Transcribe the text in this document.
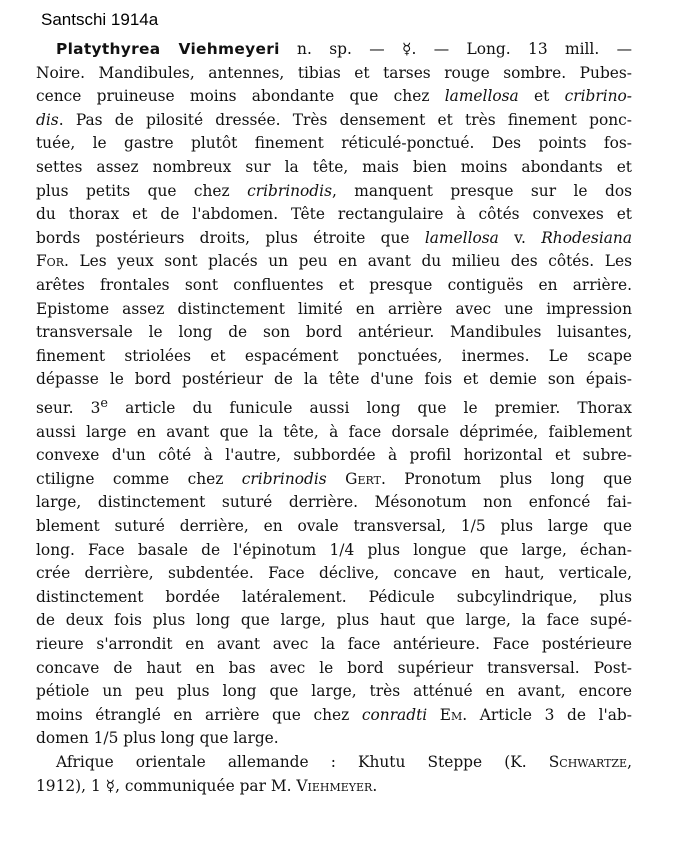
Santschi 1914a
Platythyrea Viehmeyeri n. sp. — ☿. — Long. 13 mill. —
Noire. Mandibules, antennes, tibias et tarses rouge sombre. Pubes-
cence pruineuse moins abondante que chez lamellosa et cribrino-
dis. Pas de pilosité dressée. Très densement et très finement ponc-
tuée, le gastre plutôt finement réticulé-ponctué. Des points fos-
settes assez nombreux sur la tête, mais bien moins abondants et
plus petits que chez cribrinodis, manquent presque sur le dos
du thorax et de l'abdomen. Tête rectangulaire à côtés convexes et
bords postérieurs droits, plus étroite que lamellosa v. Rhodesiana
For. Les yeux sont placés un peu en avant du milieu des côtés. Les
arêtes frontales sont confluentes et presque contiguës en arrière.
Epistome assez distinctement limité en arrière avec une impression
transversale le long de son bord antérieur. Mandibules luisantes,
finement striolées et espacément ponctuées, inermes. Le scape
dépasse le bord postérieur de la tête d'une fois et demie son épais-
seur. 3e article du funicule aussi long que le premier. Thorax
aussi large en avant que la tête, à face dorsale déprimée, faiblement
convexe d'un côté à l'autre, subbordée à profil horizontal et subre-
ctiligne comme chez cribrinodis Gert. Pronotum plus long que
large, distinctement suturé derrière. Mésonotum non enfoncé fai-
blement suturé derrière, en ovale transversal, 1/5 plus large que
long. Face basale de l'épinotum 1/4 plus longue que large, échan-
crée derrière, subdentée. Face déclive, concave en haut, verticale,
distinctement bordée latéralement. Pédicule subcylindrique, plus
de deux fois plus long que large, plus haut que large, la face supé-
rieure s'arrondit en avant avec la face antérieure. Face postérieure
concave de haut en bas avec le bord supérieur transversal. Post-
pétiole un peu plus long que large, très atténué en avant, encore
moins étranglé en arrière que chez conradti Em. Article 3 de l'ab-
domen 1/5 plus long que large.
Afrique orientale allemande : Khutu Steppe (K. Schwartze,
1912), 1 ☿, communiquée par M. Viehmeyer.
